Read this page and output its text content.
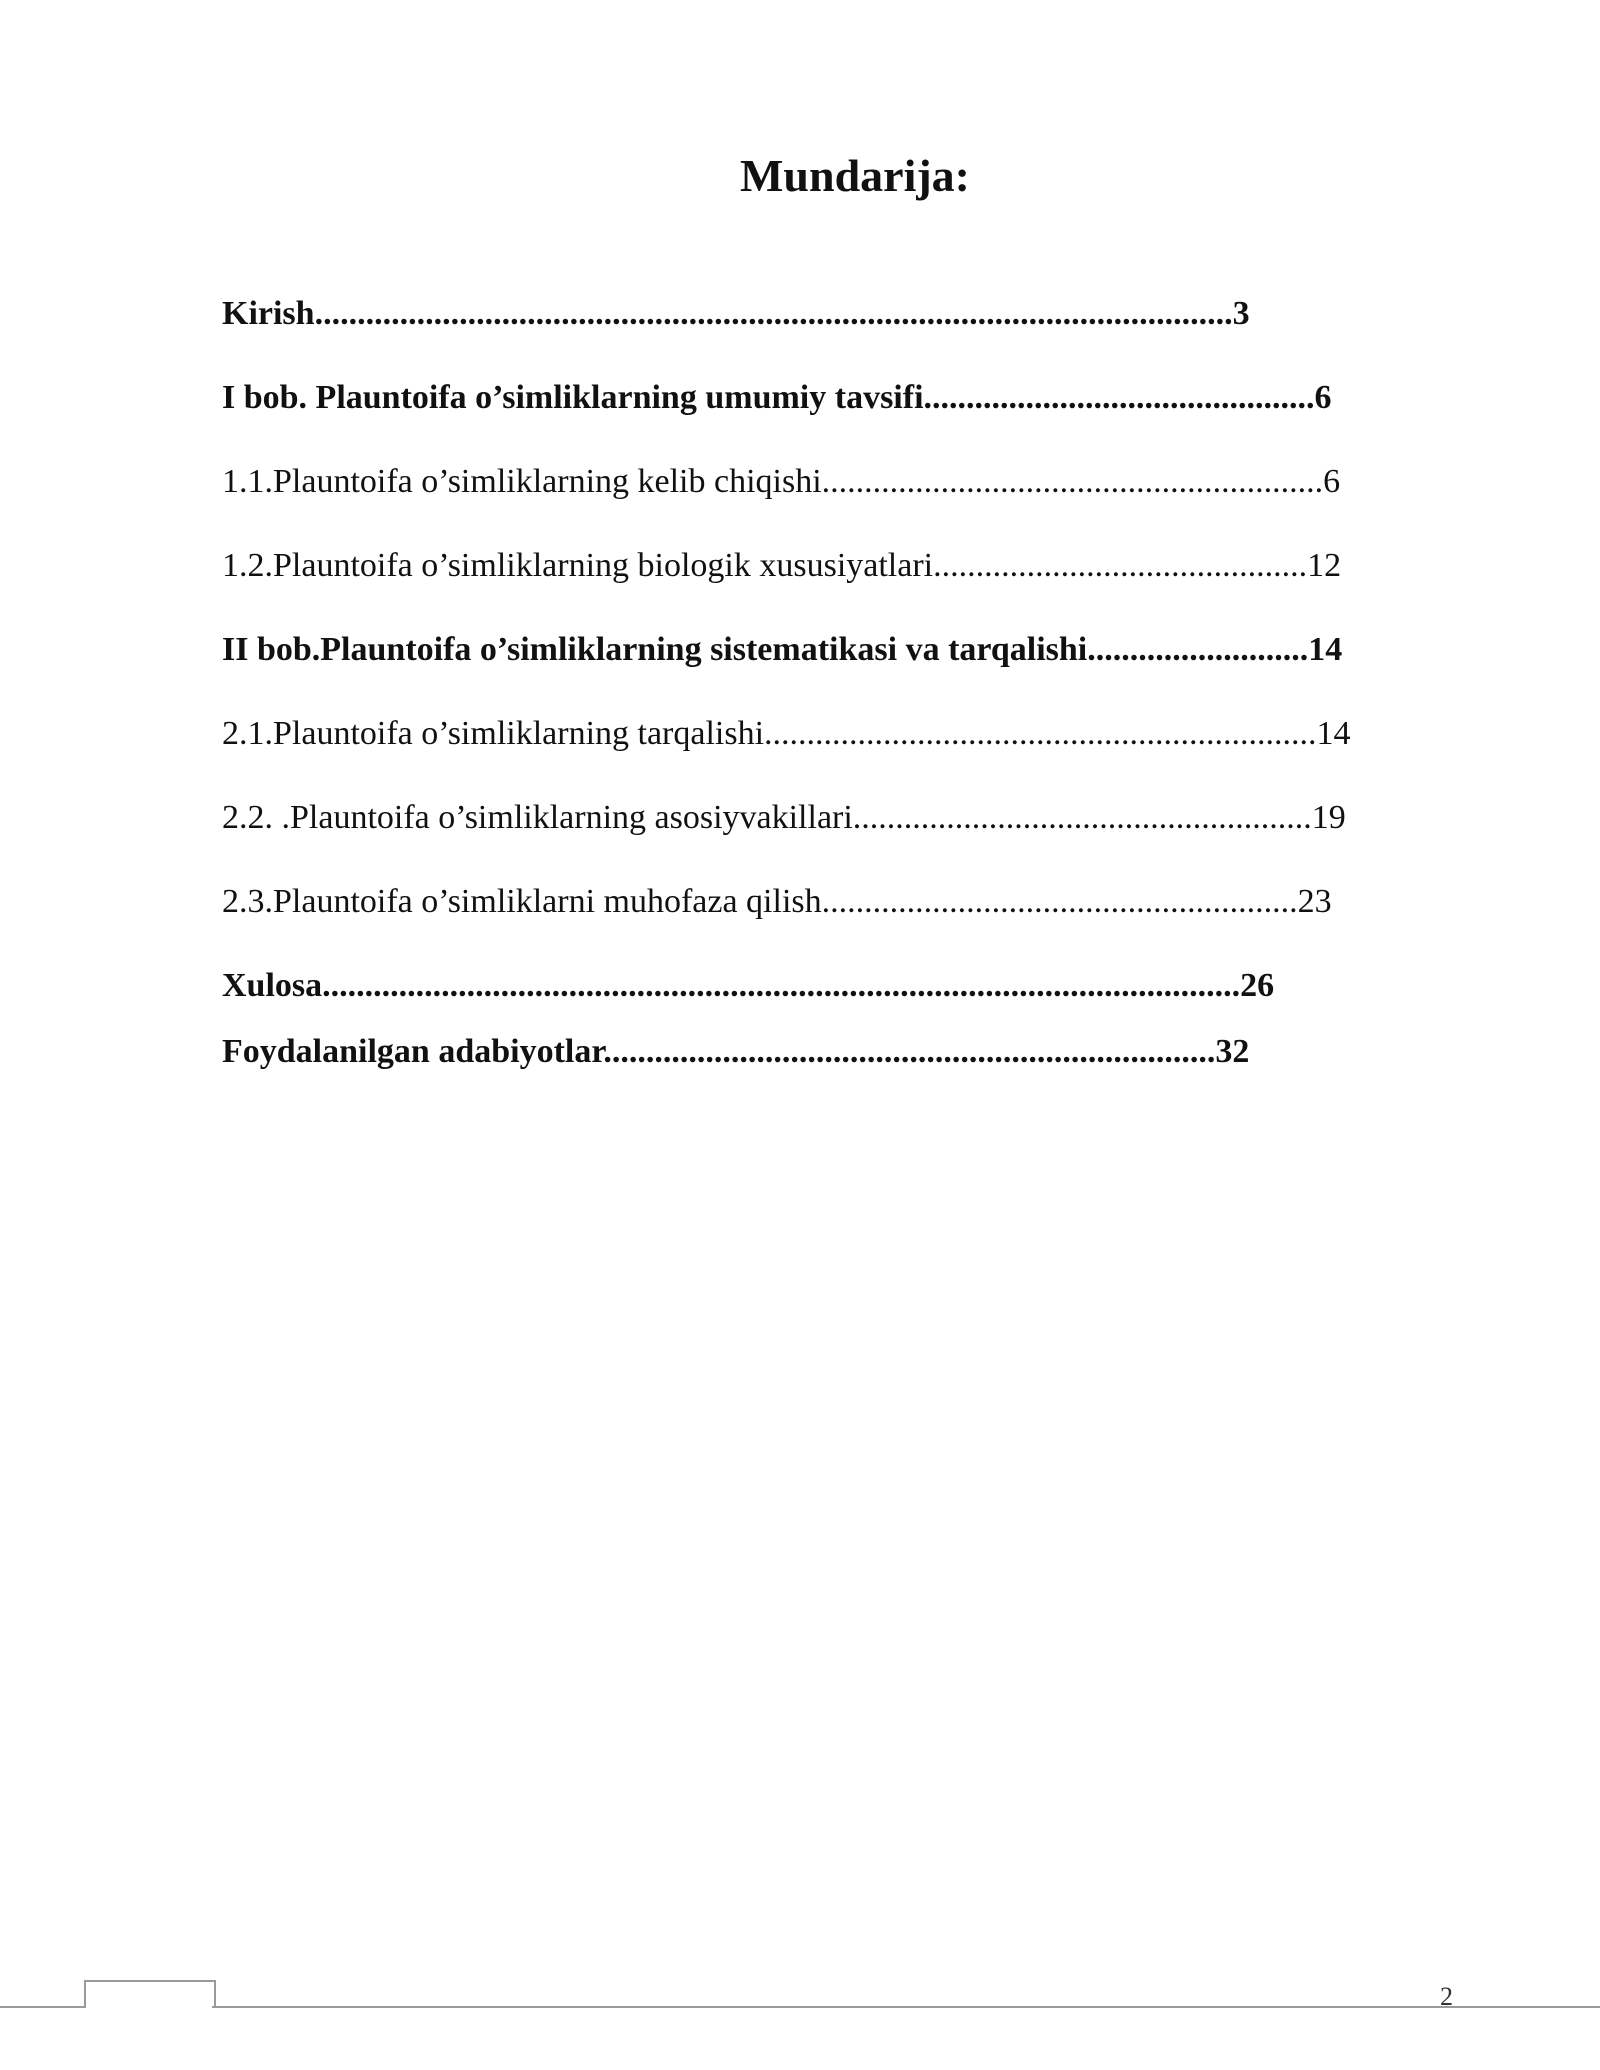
Mundarija:
Kirish............................................................................................................3
I bob. Plauntoifa o’simliklarning umumiy tavsifi..............................................6
1.1.Plauntoifa o’simliklarning kelib chiqishi...........................................................6
1.2.Plauntoifa o’simliklarning biologik xususiyatlari............................................12
II bob.Plauntoifa o’simliklarning sistematikasi va tarqalishi..........................14
2.1.Plauntoifa o’simliklarning tarqalishi.................................................................14
2.2. .Plauntoifa o’simliklarning asosiyvakillari......................................................19
2.3.Plauntoifa o’simliklarni muhofaza qilish........................................................23
Xulosa............................................................................................................26
Foydalanilgan adabiyotlar........................................................................32
2
